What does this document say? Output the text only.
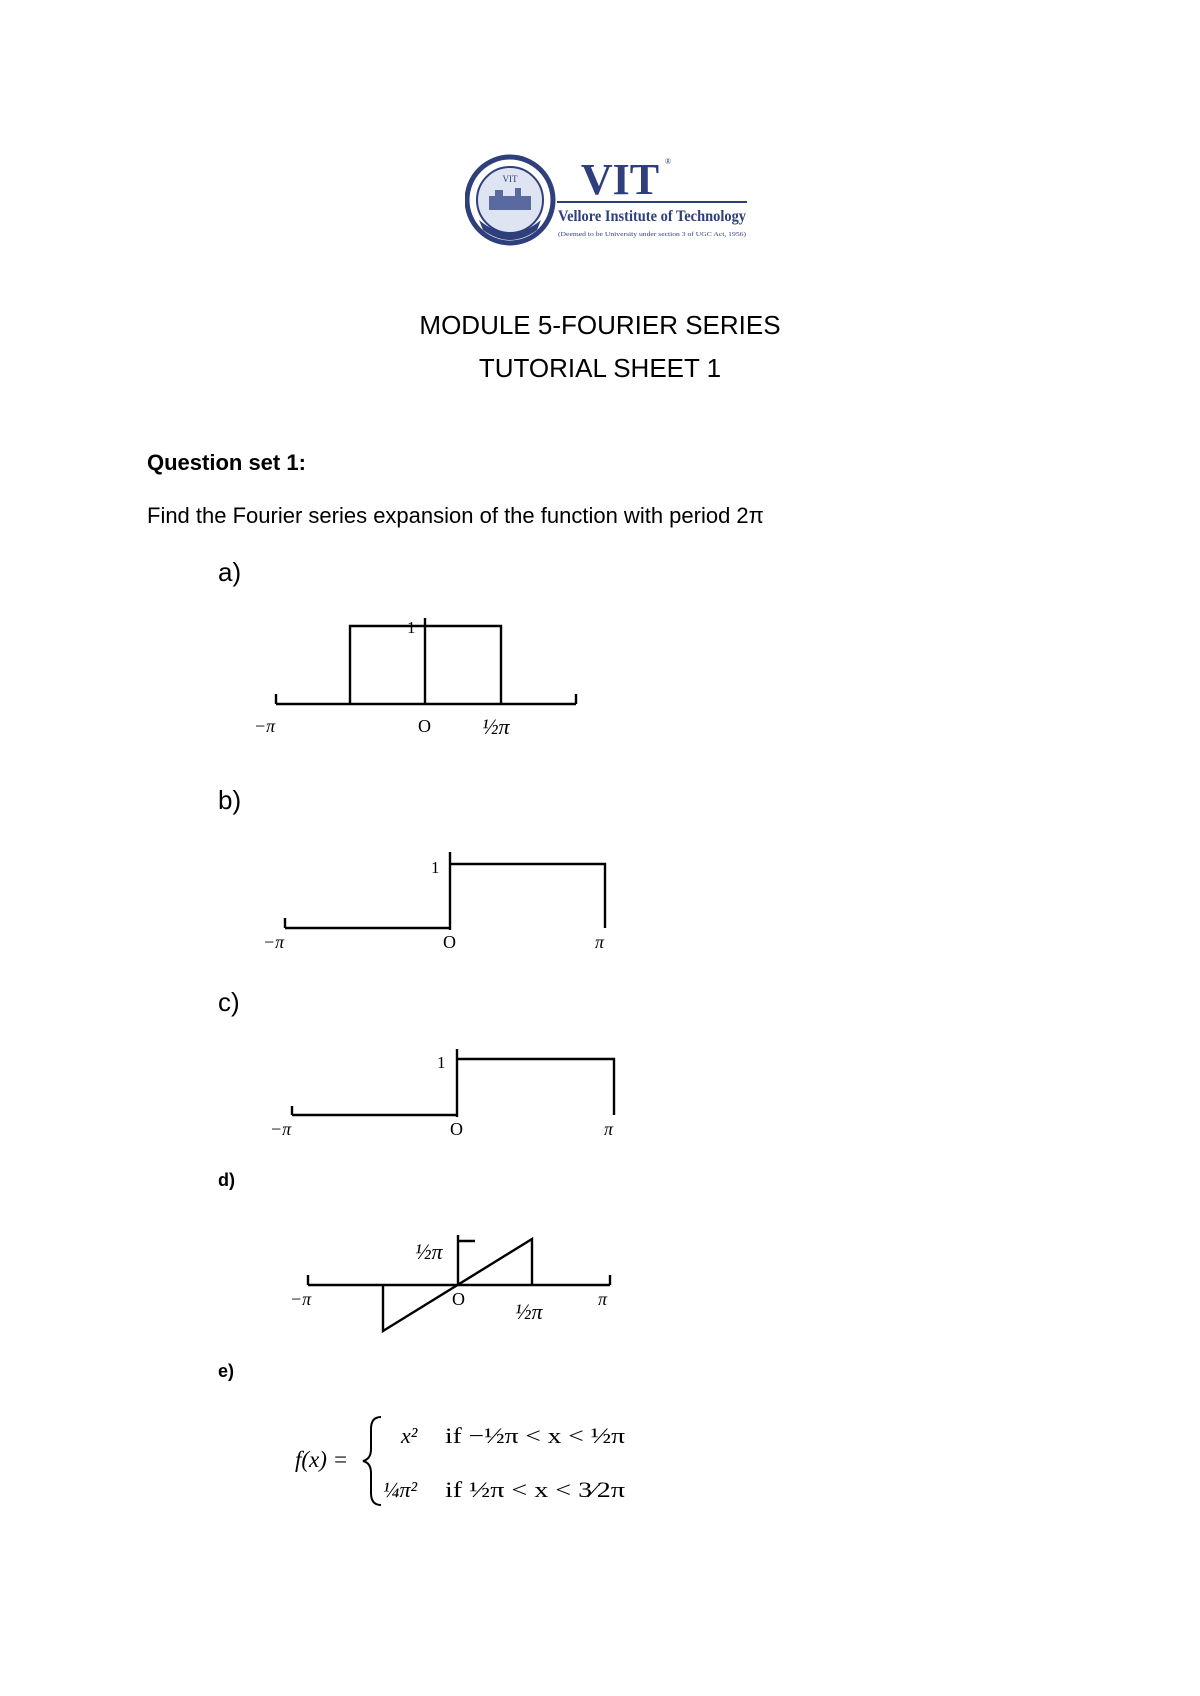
VIT VIT ®
Vellore Institute of Technology
(Deemed to be University under section 3 of UGC Act, 1956)
MODULE 5-FOURIER SERIES
TUTORIAL SHEET 1
Question set 1:
Find the Fourier series expansion of the function with period 2π
a)
1
−π	O ½π
b)
1
−π	O	π
c)
1
−π	O	π
d)
½π
−π	O ½π	π
e)
f(x) =
x² if −½π < x < ½π
¼π² if ½π < x < 3⁄2π
